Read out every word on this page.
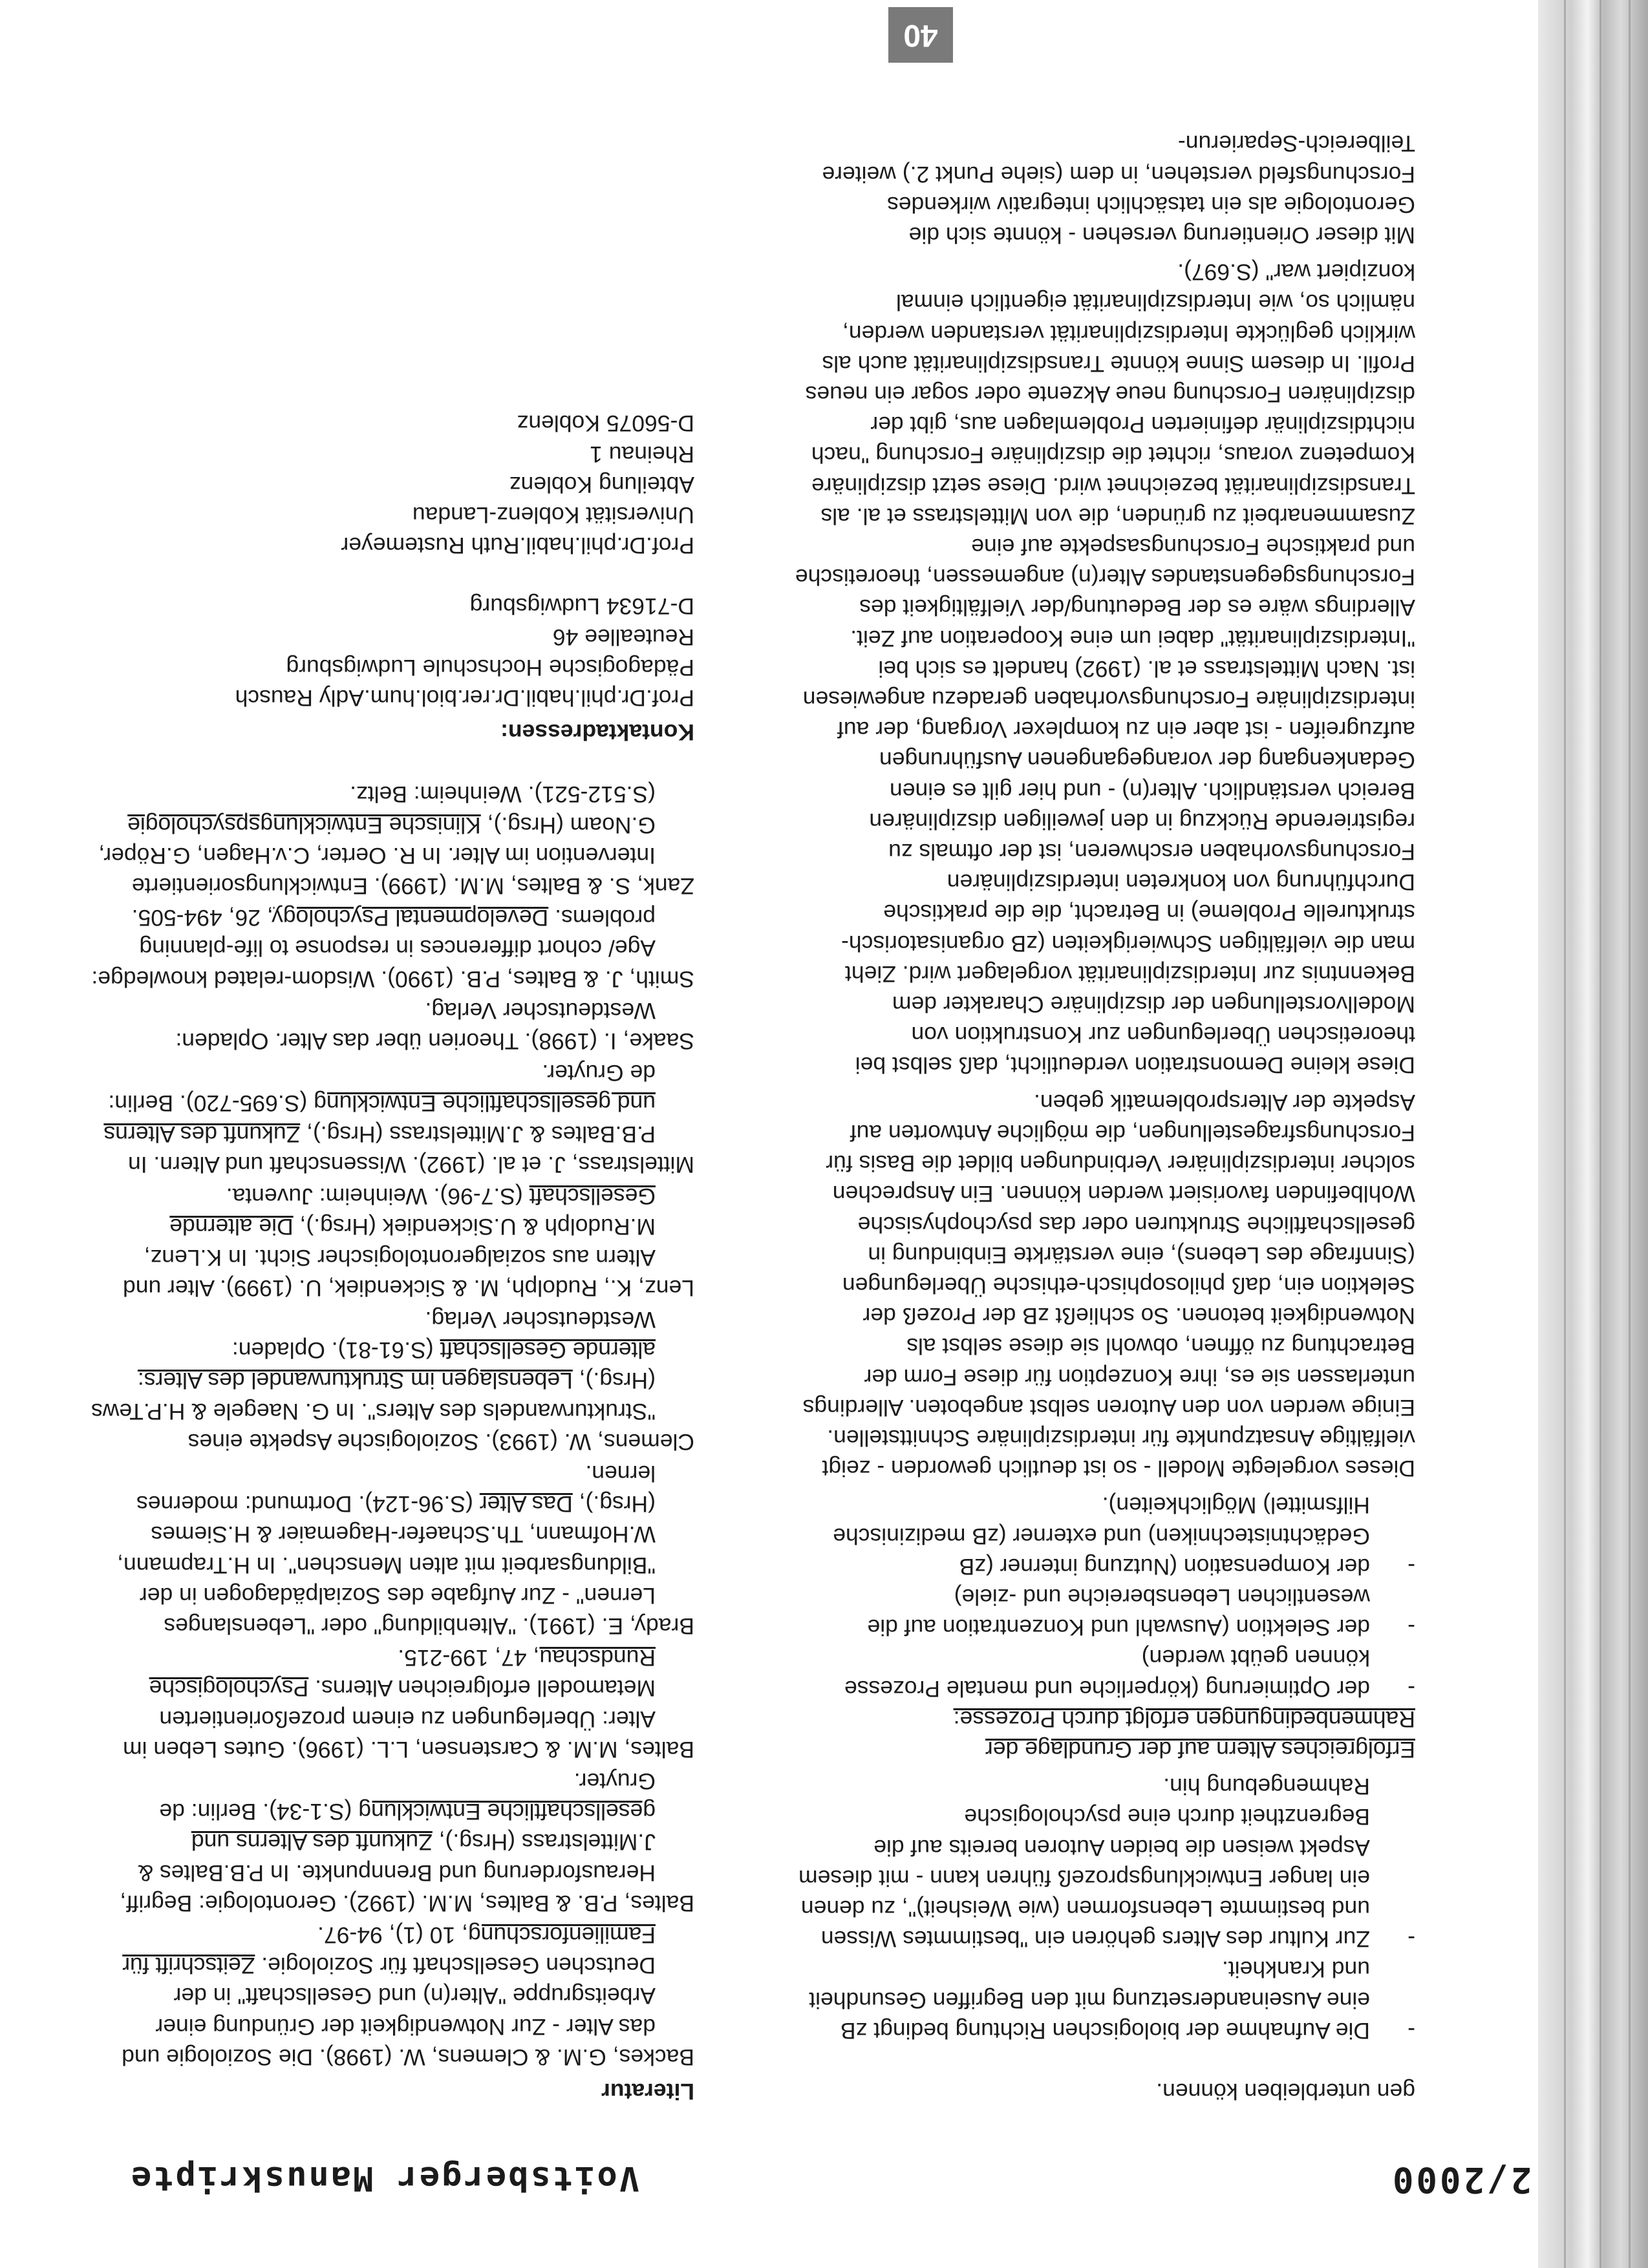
2/2000
Voitsberger Manuskripte

gen unterbleiben können.

-
Die Aufnahme der biologischen Richtung bedingt zB eine Auseinandersetzung mit den Begriffen Gesundheit und Krankheit.

-
Zur Kultur des Alters gehören ein "bestimmtes Wissen und bestimmte Lebensformen (wie Weisheit)", zu denen ein langer Entwicklungsprozeß führen kann - mit diesem Aspekt weisen die beiden Autoren bereits auf die Begrenztheit durch eine psychologische Rahmengebung hin.

Erfolgreiches Altern auf der Grundlage der Rahmenbedingungen erfolgt durch Prozesse:

-
der Optimierung (körperliche und mentale Prozesse können geübt werden)

-
der Selektion (Auswahl und Konzentration auf die wesentlichen Lebensbereiche und -ziele)

-
der Kompensation (Nutzung interner (zB Gedächtnistechniken) und externer (zB medizinische Hilfsmittel) Möglichkeiten).

Dieses vorgelegte Modell - so ist deutlich geworden - zeigt vielfältige Ansatzpunkte für interdisziplinäre Schnittstellen. Einige werden von den Autoren selbst angeboten. Allerdings unterlassen sie es, ihre Konzeption für diese Form der Betrachtung zu öffnen, obwohl sie diese selbst als Notwendigkeit betonen. So schließt zB der Prozeß der Selektion ein, daß philosophisch-ethische Überlegungen (Sinnfrage des Lebens), eine verstärkte Einbindung in gesellschaftliche Strukturen oder das psychophysische Wohlbefinden favorisiert werden können. Ein Ansprechen solcher interdisziplinärer Verbindungen bildet die Basis für Forschungsfragestellungen, die mögliche Antworten auf Aspekte der Altersproblematik geben.

Diese kleine Demonstration verdeutlicht, daß selbst bei theoretischen Überlegungen zur Konstruktion von Modellvorstellungen der disziplinäre Charakter dem Bekenntnis zur Interdisziplinarität vorgelagert wird. Zieht man die vielfältigen Schwierigkeiten (zB organisatorisch-strukturelle Probleme) in Betracht, die die praktische Durchführung von konkreten interdisziplinären Forschungsvorhaben erschweren, ist der oftmals zu registrierende Rückzug in den jeweiligen disziplinären Bereich verständlich. Alter(n) - und hier gilt es einen Gedankengang der vorangegangenen Ausführungen aufzugreifen - ist aber ein zu komplexer Vorgang, der auf interdisziplinäre Forschungsvorhaben geradezu angewiesen ist. Nach Mittelstrass et al. (1992) handelt es sich bei "Interdisziplinarität" dabei um eine Kooperation auf Zeit. Allerdings wäre es der Bedeutung/der Vielfältigkeit des Forschungsgegenstandes Alter(n) angemessen, theoretische und praktische Forschungsaspekte auf eine Zusammenarbeit zu gründen, die von Mittelstrass et al. als Transdisziplinarität bezeichnet wird. Diese setzt disziplinäre Kompetenz voraus, richtet die disziplinäre Forschung "nach nichtdisziplinär definierten Problemlagen aus, gibt der disziplinären Forschung neue Akzente oder sogar ein neues Profil. In diesem Sinne könnte Transdisziplinarität auch als wirklich geglückte Interdisziplinarität verstanden werden, nämlich so, wie Interdisziplinarität eigentlich einmal konzipiert war" (S.697).

Mit dieser Orientierung versehen - könnte sich die Gerontologie als ein tatsächlich integrativ wirkendes Forschungsfeld verstehen, in dem (siehe Punkt 2.) weitere Teilbereich-Separierun-

Literatur

Backes, G.M. & Clemens, W. (1998). Die Soziologie und das Alter - Zur Notwendigkeit der Gründung einer Arbeitsgruppe "Alter(n) und Gesellschaft" in der Deutschen Gesellschaft für Soziologie. Zeitschrift für Familienforschung, 10 (1), 94-97.

Baltes, P.B. & Baltes, M.M. (1992). Gerontologie: Begriff, Herausforderung und Brennpunkte. In P.B.Baltes & J.Mittelstrass (Hrsg.), Zukunft des Alterns und gesellschaftliche Entwicklung (S.1-34). Berlin: de Gruyter.

Baltes, M.M. & Carstensen, L.L. (1996). Gutes Leben im Alter: Überlegungen zu einem prozeßorientierten Metamodell erfolgreichen Alterns. Psychologische Rundschau, 47, 199-215.

Brady, E. (1991). "Altenbildung" oder "Lebenslanges Lernen" - Zur Aufgabe des Sozialpädagogen in der "Bildungsarbeit mit alten Menschen". In H.Trapmann, W.Hofmann, Th.Schaefer-Hagemaier & H.Siemes (Hrsg.), Das Alter (S.96-124). Dortmund: modernes lernen.

Clemens, W. (1993). Soziologische Aspekte eines "Strukturwandels des Alters". In G. Naegele & H.P.Tews (Hrsg.), Lebenslagen im Strukturwandel des Alters: alternde Gesellschaft (S.61-81). Opladen: Westdeutscher Verlag.

Lenz, K., Rudolph, M. & Sickendiek, U. (1999). Alter und Altern aus sozialgerontologischer Sicht. In K.Lenz, M.Rudolph & U.Sickendiek (Hrsg.), Die alternde Gesellschaft (S.7-96). Weinheim: Juventa.

Mittelstrass, J. et al. (1992). Wissenschaft und Altern. In P.B.Baltes & J.Mittelstrass (Hrsg.), Zukunft des Alterns und gesellschaftliche Entwicklung (S.695-720). Berlin: de Gruyter.

Saake, I. (1998). Theorien über das Alter. Opladen: Westdeutscher Verlag.

Smith, J. & Baltes, P.B. (1990). Wisdom-related knowledge: Age/ cohort differences in response to life-planning problems. Developmental Psychology, 26, 494-505.

Zank, S. & Baltes, M.M. (1999). Entwicklungsorientierte Intervention im Alter. In R. Oerter, C.v.Hagen, G.Röper, G.Noam (Hrsg.), Klinische Entwicklungspsychologie (S.512-521). Weinheim: Beltz.

Kontaktadressen:

Prof.Dr.phil.habil.Dr.rer.biol.hum.Adly Rausch
Pädagogische Hochschule Ludwigsburg
Reuteallee 46
D-71634 Ludwigsburg

Prof.Dr.phil.habil.Ruth Rustemeyer
Universität Koblenz-Landau
Abteilung Koblenz
Rheinau 1
D-56075 Koblenz

40
